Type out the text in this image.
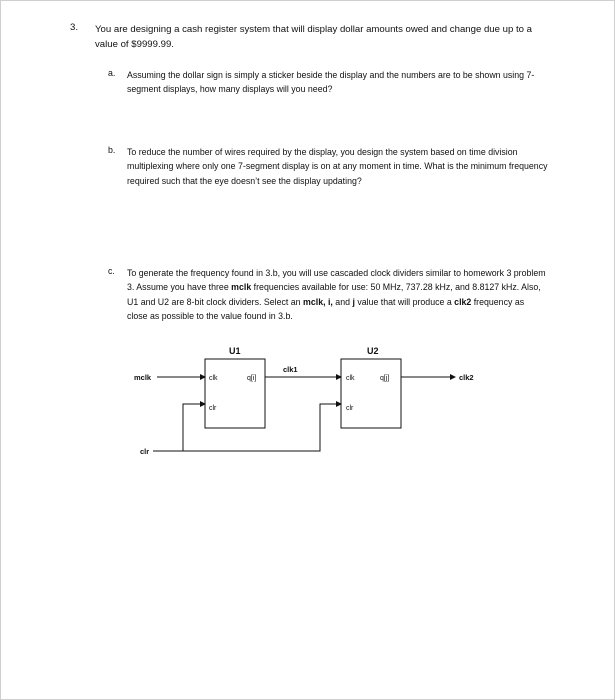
3. You are designing a cash register system that will display dollar amounts owed and change due up to a value of $9999.99.
a. Assuming the dollar sign is simply a sticker beside the display and the numbers are to be shown using 7-segment displays, how many displays will you need?
b. To reduce the number of wires required by the display, you design the system based on time division multiplexing where only one 7-segment display is on at any moment in time. What is the minimum frequency required such that the eye doesn’t see the display updating?
c. To generate the frequency found in 3.b, you will use cascaded clock dividers similar to homework 3 problem 3. Assume you have three mclk frequencies available for use: 50 MHz, 737.28 kHz, and 8.8127 kHz. Also, U1 and U2 are 8-bit clock dividers. Select an mclk, i, and j value that will produce a clk2 frequency as close as possible to the value found in 3.b.
U1
clk	q[i]
clr
U2
clk	q[j]
clr
mclk
clk1
clk2
clr
